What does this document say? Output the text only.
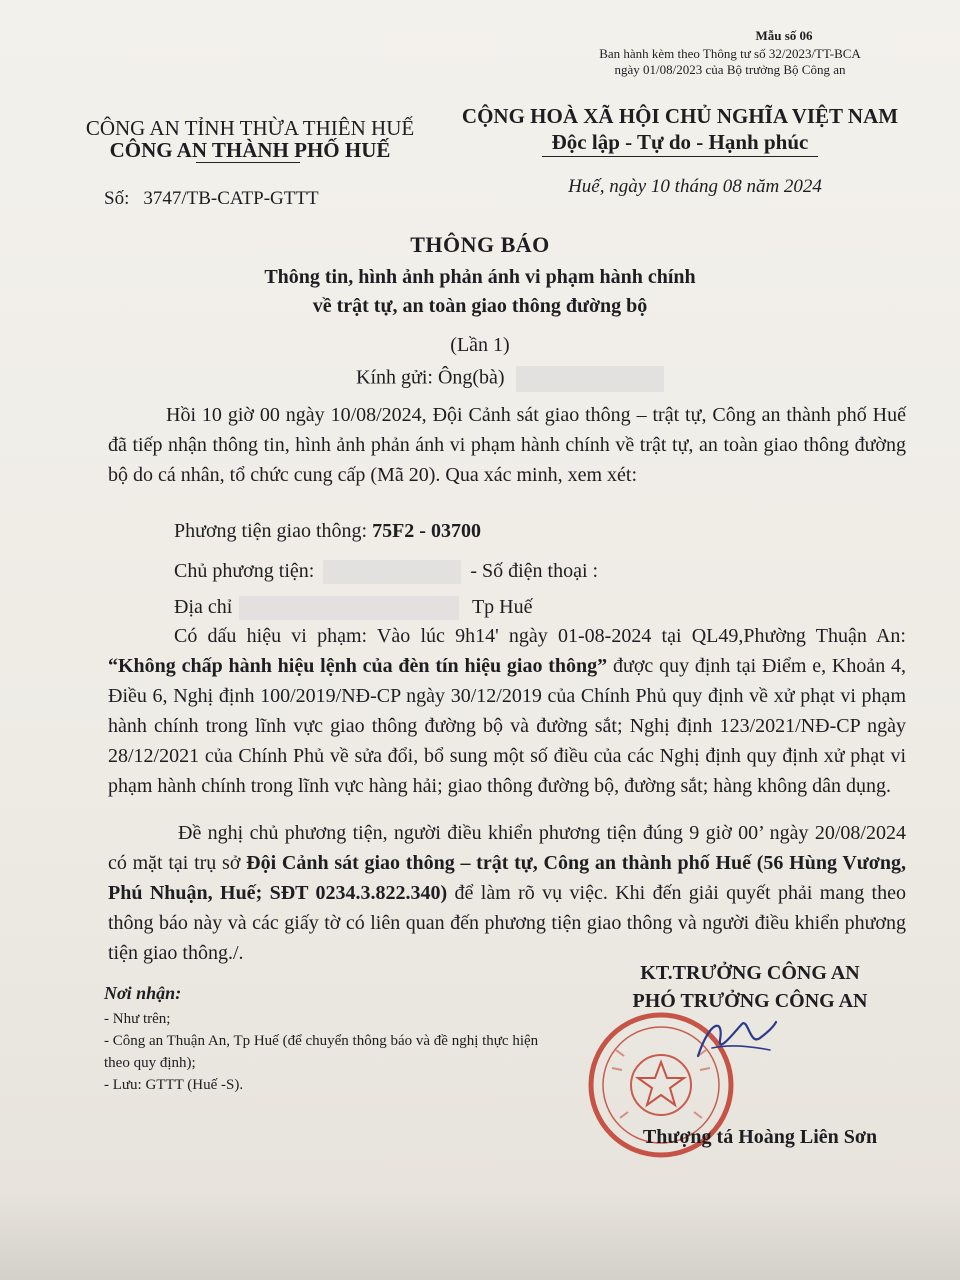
Mẫu số 06
Ban hành kèm theo Thông tư số 32/2023/TT-BCA
ngày 01/08/2023 của Bộ trưởng Bộ Công an
CÔNG AN TỈNH THỪA THIÊN HUẾ
CÔNG AN THÀNH PHỐ HUẾ
CỘNG HOÀ XÃ HỘI CHỦ NGHĨA VIỆT NAM
Độc lập - Tự do - Hạnh phúc
Số: 3747/TB-CATP-GTTT
Huế, ngày 10 tháng 08 năm 2024
THÔNG BÁO
Thông tin, hình ảnh phản ánh vi phạm hành chính
về trật tự, an toàn giao thông đường bộ
(Lần 1)
Kính gửi: Ông(bà)
Hồi 10 giờ 00 ngày 10/08/2024, Đội Cảnh sát giao thông – trật tự, Công an thành phố Huế đã tiếp nhận thông tin, hình ảnh phản ánh vi phạm hành chính về trật tự, an toàn giao thông đường bộ do cá nhân, tổ chức cung cấp (Mã 20). Qua xác minh, xem xét:
Phương tiện giao thông: 75F2 - 03700
Chủ phương tiện:	- Số điện thoại :
Địa chỉ	Tp Huế
Có dấu hiệu vi phạm: Vào lúc 9h14' ngày 01-08-2024 tại QL49,Phường Thuận An: “Không chấp hành hiệu lệnh của đèn tín hiệu giao thông” được quy định tại Điểm e, Khoản 4, Điều 6, Nghị định 100/2019/NĐ-CP ngày 30/12/2019 của Chính Phủ quy định về xử phạt vi phạm hành chính trong lĩnh vực giao thông đường bộ và đường sắt; Nghị định 123/2021/NĐ-CP ngày 28/12/2021 của Chính Phủ về sửa đổi, bổ sung một số điều của các Nghị định quy định xử phạt vi phạm hành chính trong lĩnh vực hàng hải; giao thông đường bộ, đường sắt; hàng không dân dụng.
Đề nghị chủ phương tiện, người điều khiển phương tiện đúng 9 giờ 00’ ngày 20/08/2024 có mặt tại trụ sở Đội Cảnh sát giao thông – trật tự, Công an thành phố Huế (56 Hùng Vương, Phú Nhuận, Huế; SĐT 0234.3.822.340) để làm rõ vụ việc. Khi đến giải quyết phải mang theo thông báo này và các giấy tờ có liên quan đến phương tiện giao thông và người điều khiển phương tiện giao thông./.
Nơi nhận:
- Như trên;
- Công an Thuận An, Tp Huế (để chuyển thông báo và đề nghị thực hiện theo quy định);
- Lưu: GTTT (Huế -S).
KT.TRƯỞNG CÔNG AN
PHÓ TRƯỞNG CÔNG AN
Thượng tá Hoàng Liên Sơn
